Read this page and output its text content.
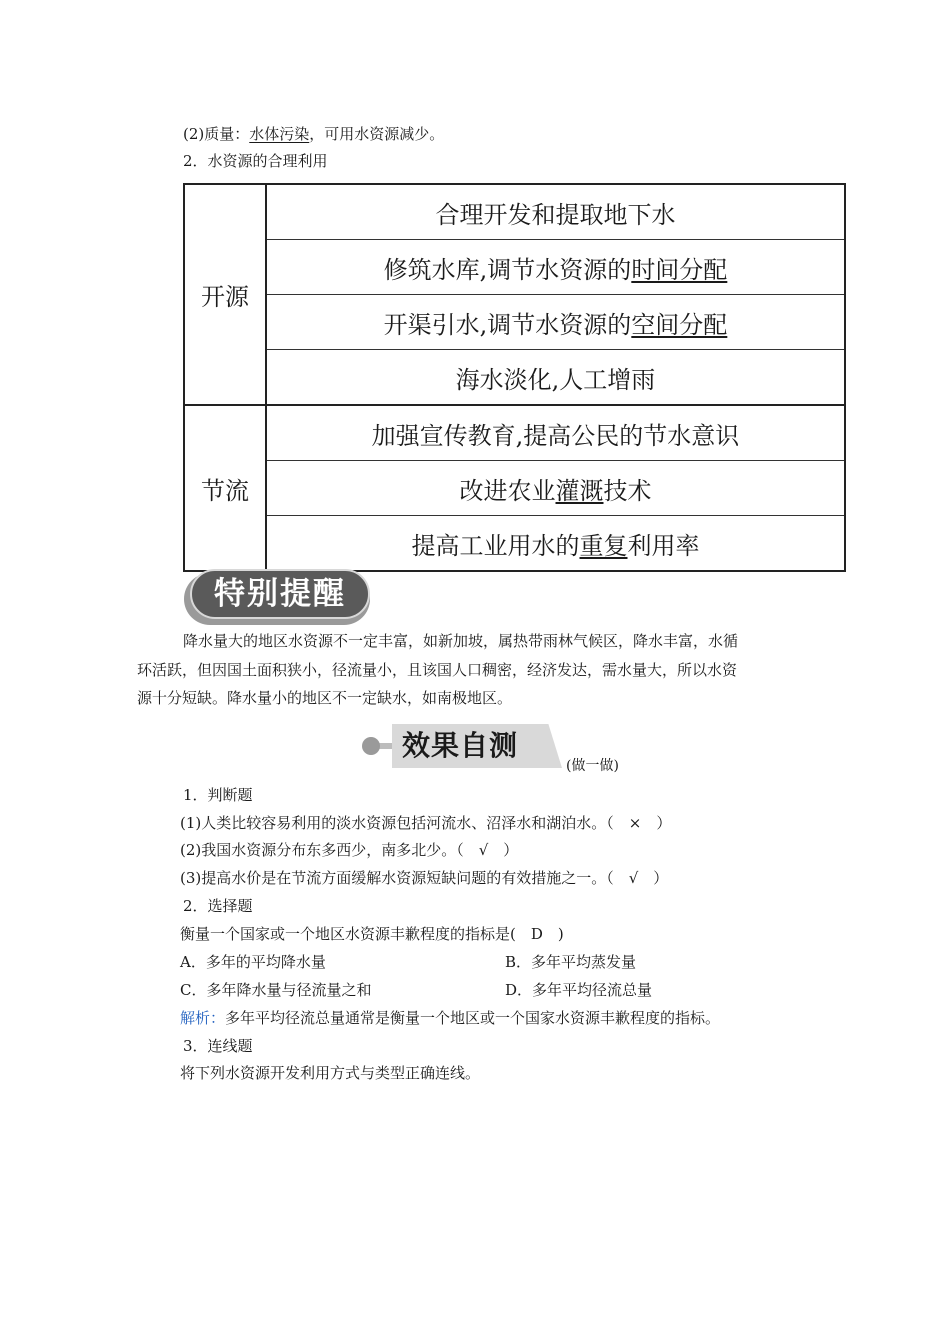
(2)质量：水体污染，可用水资源减少。
2．水资源的合理利用
开源	合理开发和提取地下水
	修筑水库,调节水资源的时间分配
	开渠引水,调节水资源的空间分配
	海水淡化,人工增雨
节流	加强宣传教育,提高公民的节水意识
	改进农业灌溉技术
	提高工业用水的重复利用率
特别提醒
降水量大的地区水资源不一定丰富，如新加坡，属热带雨林气候区，降水丰富，水循
环活跃，但因国土面积狭小，径流量小，且该国人口稠密，经济发达，需水量大，所以水资
源十分短缺。降水量小的地区不一定缺水，如南极地区。
效果自测
(做一做)
1．判断题
(1)人类比较容易利用的淡水资源包括河流水、沼泽水和湖泊水。（　×　）
(2)我国水资源分布东多西少，南多北少。（　√　）
(3)提高水价是在节流方面缓解水资源短缺问题的有效措施之一。（　√　）
2．选择题
衡量一个国家或一个地区水资源丰歉程度的指标是(　D　)
A．多年的平均降水量	B．多年平均蒸发量
C．多年降水量与径流量之和	D．多年平均径流总量
解析：多年平均径流总量通常是衡量一个地区或一个国家水资源丰歉程度的指标。
3．连线题
将下列水资源开发利用方式与类型正确连线。
